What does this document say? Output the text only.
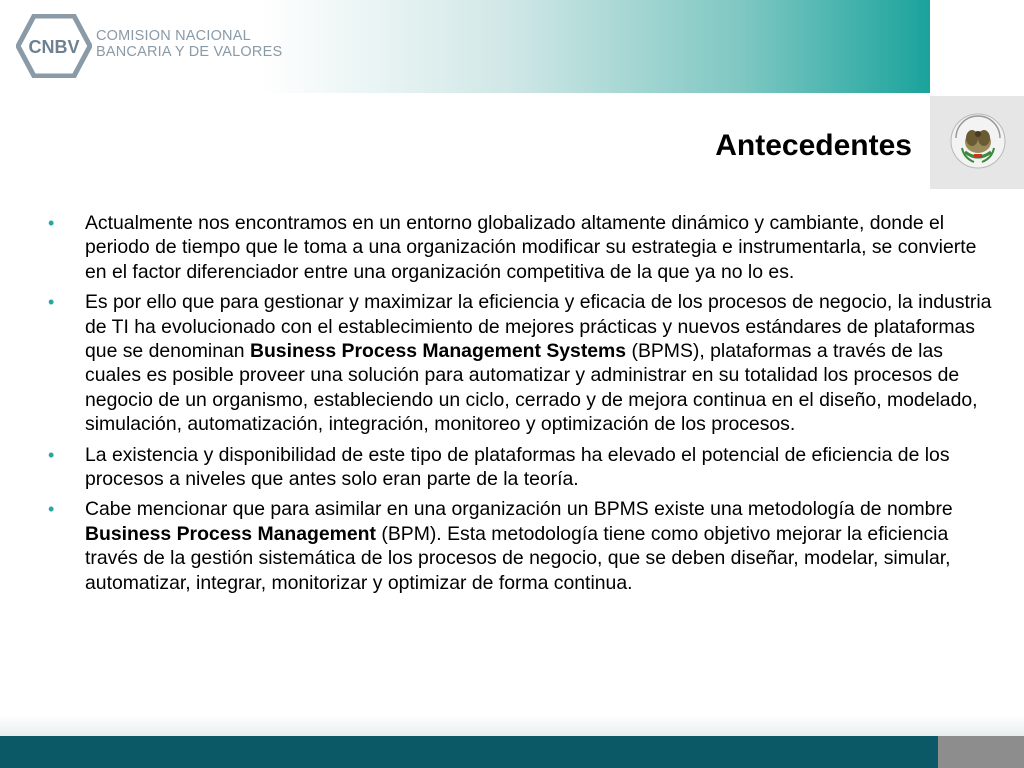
CNBV
COMISION NACIONAL
BANCARIA Y DE VALORES
Antecedentes
• Actualmente nos encontramos en un entorno globalizado altamente dinámico y cambiante, donde el periodo de tiempo que le toma a una organización modificar su estrategia e instrumentarla, se convierte en el factor diferenciador entre una organización competitiva de la que ya no lo es.
• Es por ello que para gestionar y maximizar la eficiencia y eficacia de los procesos de negocio, la industria de TI ha evolucionado con el establecimiento de mejores prácticas y nuevos estándares de plataformas que se denominan Business Process Management Systems (BPMS), plataformas a través de las cuales es posible proveer una solución para automatizar y administrar en su totalidad los procesos de negocio de un organismo, estableciendo un ciclo, cerrado y de mejora continua en el diseño, modelado, simulación, automatización, integración, monitoreo y optimización de los procesos.
• La existencia y disponibilidad de este tipo de plataformas ha elevado el potencial de eficiencia de los procesos a niveles que antes solo eran parte de la teoría.
• Cabe mencionar que para asimilar en una organización un BPMS existe una metodología de nombre Business Process Management (BPM). Esta metodología tiene como objetivo mejorar la eficiencia través de la gestión sistemática de los procesos de negocio, que se deben diseñar, modelar, simular, automatizar, integrar, monitorizar y optimizar de forma continua.
